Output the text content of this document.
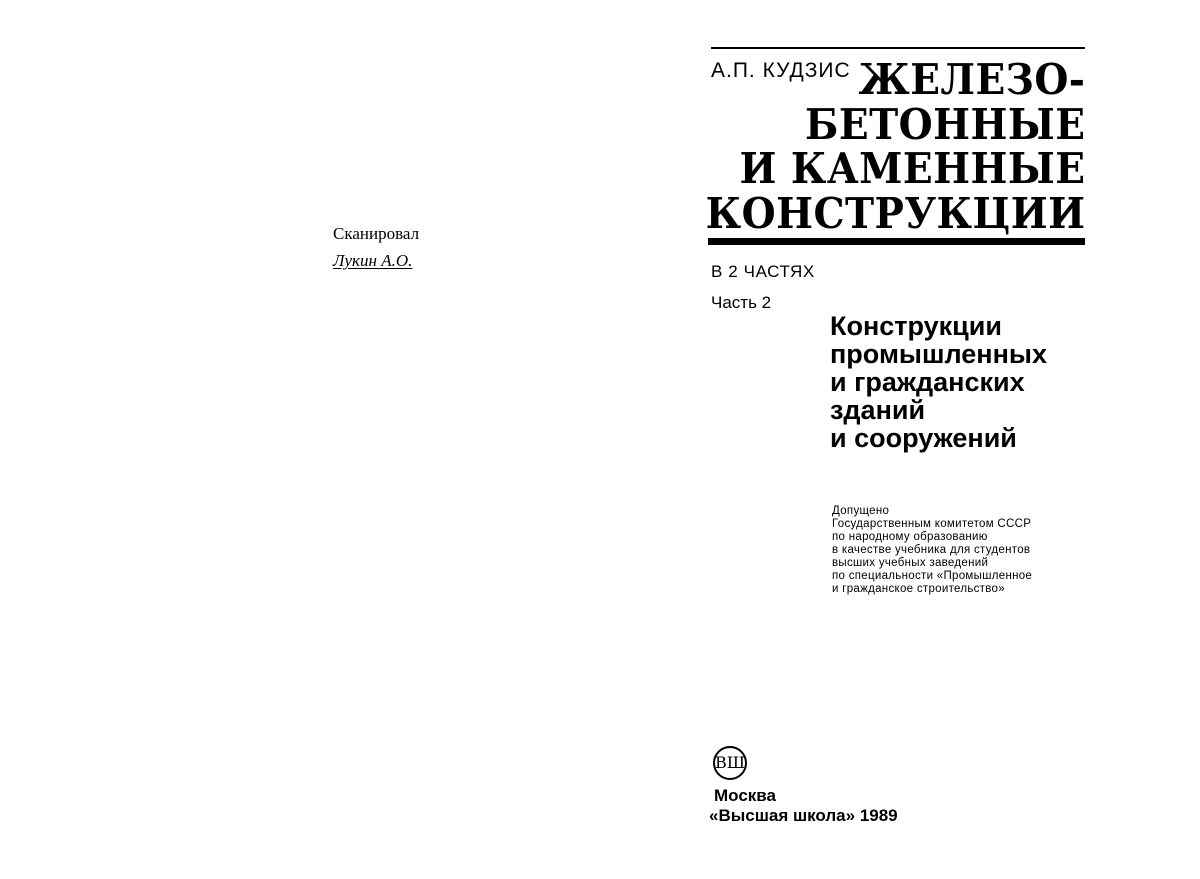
Сканировал
Лукин А.О.
А.П. КУДЗИС ЖЕЛЕЗО-
БЕТОННЫЕ
И КАМЕННЫЕ
КОНСТРУКЦИИ
В 2 ЧАСТЯХ
Часть 2
Конструкции
промышленных
и гражданских
зданий
и сооружений
Допущено
Государственным комитетом СССР
по народному образованию
в качестве учебника для студентов
высших учебных заведений
по специальности «Промышленное
и гражданское строительство»
ВШ
Москва
«Высшая школа» 1989
